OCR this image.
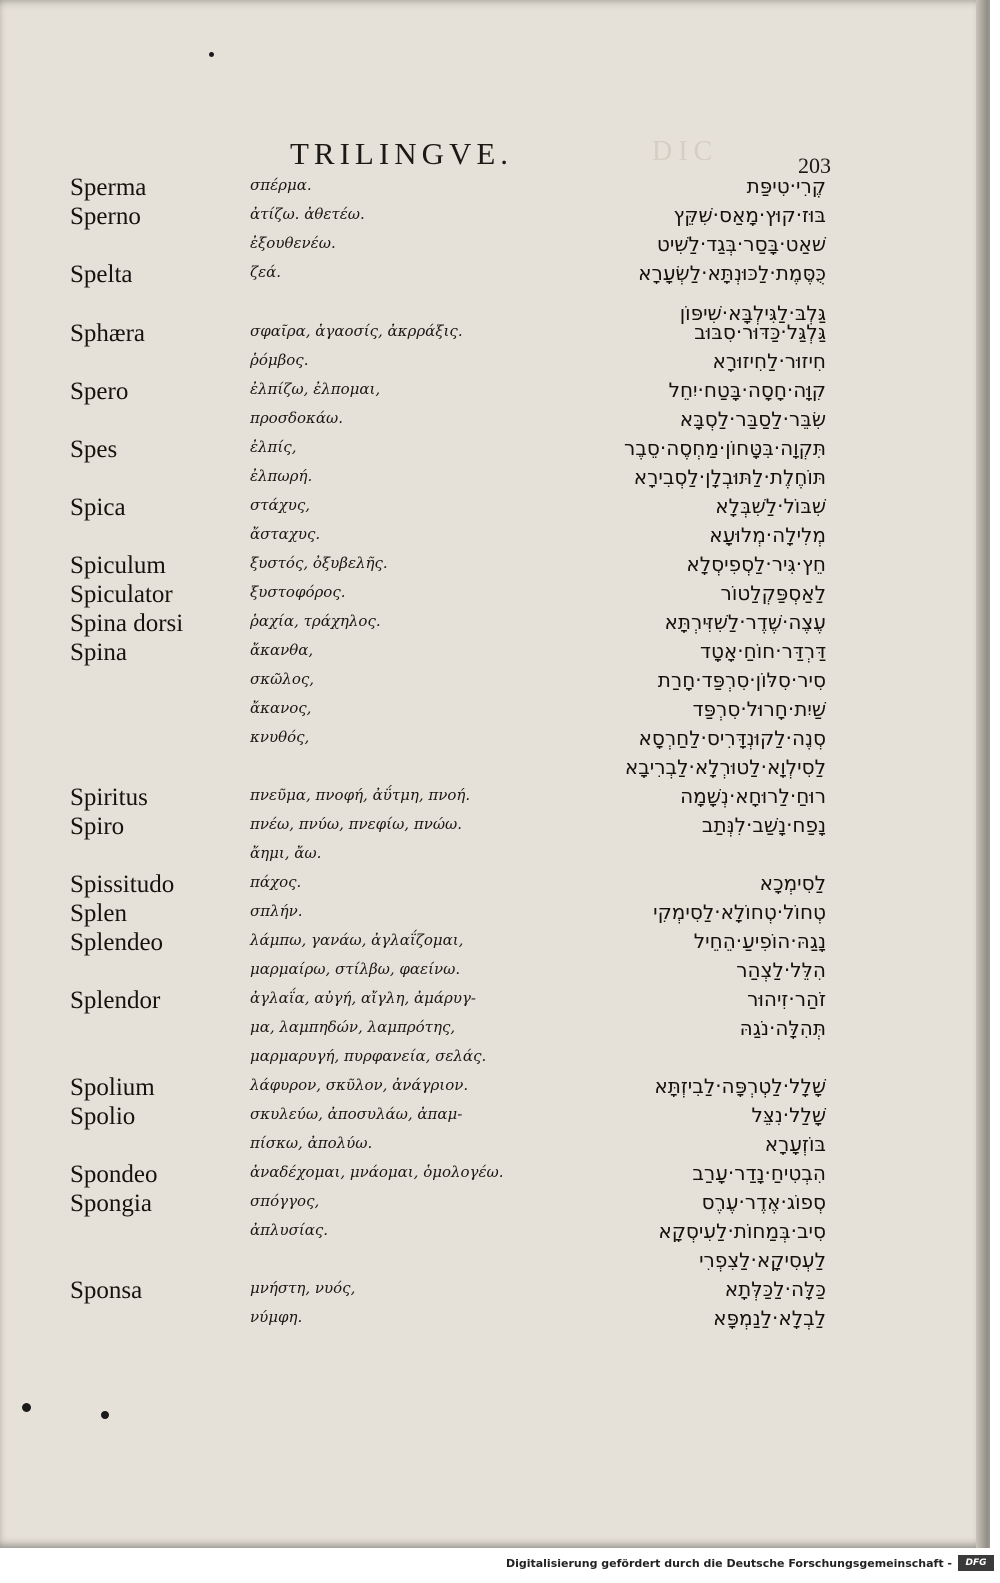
DIC
TRILINGVE.	203
Sperma	σπέρμα.	קֶרִי·טִיפַּת
Sperno	ἀτίζω. ἀθετέω.	בּוּז·קוּץ·מָאַס·שִׁקֵּץ
ἐξουθενέω.	שׁאַט·בָּסַר·בְּגַד·לַשִׁיט
Spelta	ζεά.	כֻּסֶּמֶת·לַכּוּנְתָּא·לַשְׂעָרָא
גַּלְבּ·לַגִּילְבָּא·שִׁיפּוֹן
Sphæra	σφαῖρα, ἀγαοσίς, ἀκρράξις.	גַּלְגַּל·כַּדּוּר·סִבּוּב
ῥόμβος.	חִיזוּר·לַחִיזוּרָא
Spero	ἐλπίζω, ἐλπομαι,	קִוָּה·חָסָה·בָּטַח·יִחֵל
προσδοκάω.	שִׂבֵּר·לַסַבַּר·לַסְבָּא
Spes	ἐλπίς,	תִּקְוָה·בִּטָּחוֹן·מַחְסֶה·סֵבֶר
ἐλπωρή.	תּוֹחֶלֶת·לַתּוּבְלָן·לַסְבִירָא
Spica	στάχυς,	שִׁבּוֹל·לַשִׁבְּלָא
ἄσταχυς.	מְלִילָה·מְלוּעָא
Spiculum	ξυστός, ὀξυβελῆς.	חֵץ·גִּיר·לַסְפִיסְלָא
Spiculator	ξυστοφόρος.	לַאַסְפַּקְלַטוֹר
Spina dorsi	ῥαχία, τράχηλος.	עֶצֶה·שֶׁדֶר·לַשִׁזִּירְתָּא
Spina	ἄκανθα,	דַּרְדַּר·חוֹחַ·אָטָד
σκῶλος,	סִיר·סִלּוֹן·סִרְפַּד·חָרַת
ἄκανος,	שַׁיִת·חָרוּל·סִרְפַּד
κνυθός,	סְנֶה·לַקוּנְדָּרִיס·לַחַרְסָא
לַסִילְוָא·לַטוּרְלָא·לַבְרִיבָא
Spiritus	πνεῦμα, πνοφή, ἀΰτμη, πνοή.	רוּחַ·לַרוּחָא·נְשָׁמָה
Spiro	πνέω, πνύω, πνεφίω, πνώω.	נָפַח·נָשַׁב·לִנְּתַב
ἄημι, ἄω.
Spissitudo	πάχος.	לַסִימְכָא
Splen	σπλήν.	טְחוֹל·טְחוֹלָא·לַסִימְקִי
Splendeo	λάμπω, γανάω, ἀγλαΐζομαι,	נָגַהּ·הוֹפִיעַ·הֵחֵיל
μαρμαίρω, στίλβω, φαείνω.	הִלֵּל·לַצְהַר
Splendor	ἀγλαΐα, αὐγή, αἴγλη, ἀμάρυγ-	זֹהַר·זִיהוּר
μα, λαμπηδών, λαμπρότης,	תְּהִלָּה·נֹגַהּ
μαρμαρυγή, πυρφανεία, σελάς.
Spolium	λάφυρον, σκῦλον, ἀνάγριον.	שָׁלָל·לַטְרְפָּה·לַבִיזְתָּא
Spolio	σκυλεύω, ἀποσυλάω, ἀπαμ-	שָׁלַל·נִצֵּל
πίσκω, ἀπολύω.	בּוֹזְעָרָא
Spondeo	ἀναδέχομαι, μνάομαι, ὁμολογέω.	הִבְטִיחַ·נָדַר·עָרַב
Spongia	σπόγγος,	סְפוֹג·אֶדֶר·עֶרֶס
ἀπλυσίας.	סִיב·בְּמַחוֹת·לַעִיסְקָא
לַעְסִיקָא·לַצִפְרִי
Sponsa	μνήστη, νυός,	כַּלָּה·לַכַּלְּתָא
νύμφη.	לַבְלָא·לַנַמְפָּא
Digitalisierung gefördert durch die Deutsche Forschungsgemeinschaft -	DFG
